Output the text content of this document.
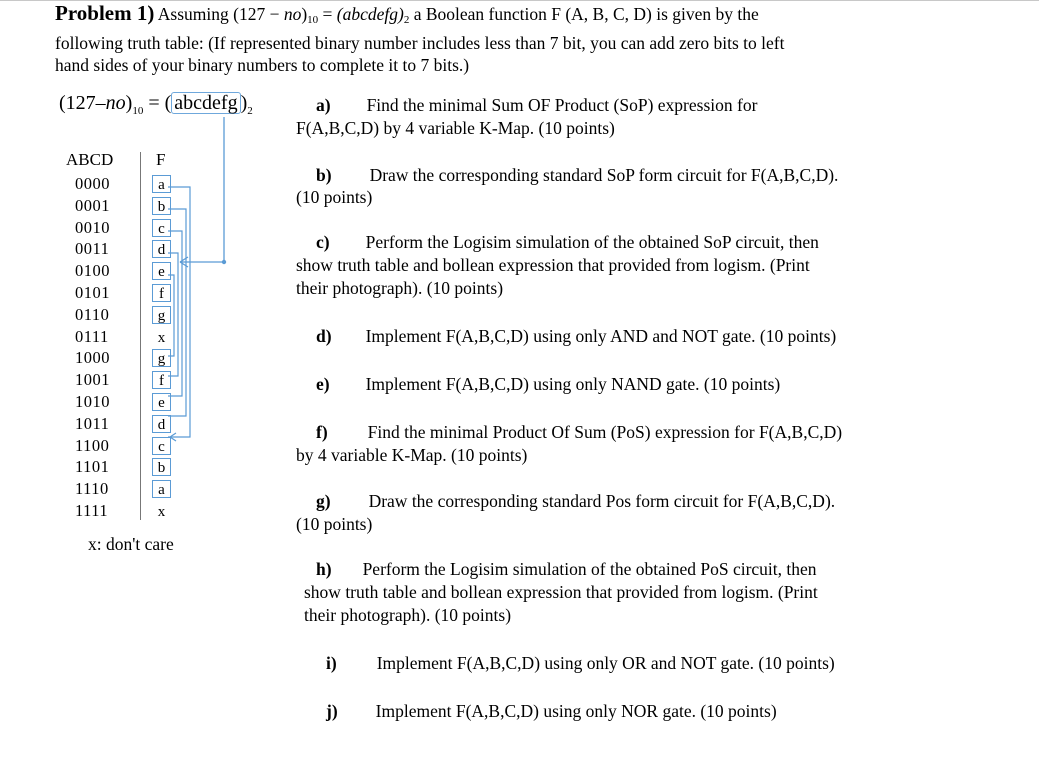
Problem 1) Assuming $(127 - no)_{10}$ = $(abcdefg)_2$ a Boolean function F (A, B, C, D) is given by the
following truth table: (If represented binary number includes less than 7 bit, you can add zero bits to left
hand sides of your binary numbers to complete it to 7 bits.)
$(127-no)_{10}$ = ( abcdefg )$_2$
ABCD	F
0000	a
0001	b
0010	c
0011	d
0100	e
0101	f
0110	g
0111	x
1000	g
1001	f
1010	e
1011	d
1100	c
1101	b
1110	a
1111	x
x: don't care
a) Find the minimal Sum OF Product (SoP) expression for
F(A,B,C,D) by 4 variable K-Map. (10 points)
b) Draw the corresponding standard SoP form circuit for F(A,B,C,D).
(10 points)
c) Perform the Logisim simulation of the obtained SoP circuit, then
show truth table and bollean expression that provided from logism. (Print
their photograph). (10 points)
d) Implement F(A,B,C,D) using only AND and NOT gate. (10 points)
e) Implement F(A,B,C,D) using only NAND gate. (10 points)
f) Find the minimal Product Of Sum (PoS) expression for F(A,B,C,D)
by 4 variable K-Map. (10 points)
g) Draw the corresponding standard Pos form circuit for F(A,B,C,D).
(10 points)
h) Perform the Logisim simulation of the obtained PoS circuit, then
show truth table and bollean expression that provided from logism. (Print
their photograph). (10 points)
i) Implement F(A,B,C,D) using only OR and NOT gate. (10 points)
j) Implement F(A,B,C,D) using only NOR gate. (10 points)
